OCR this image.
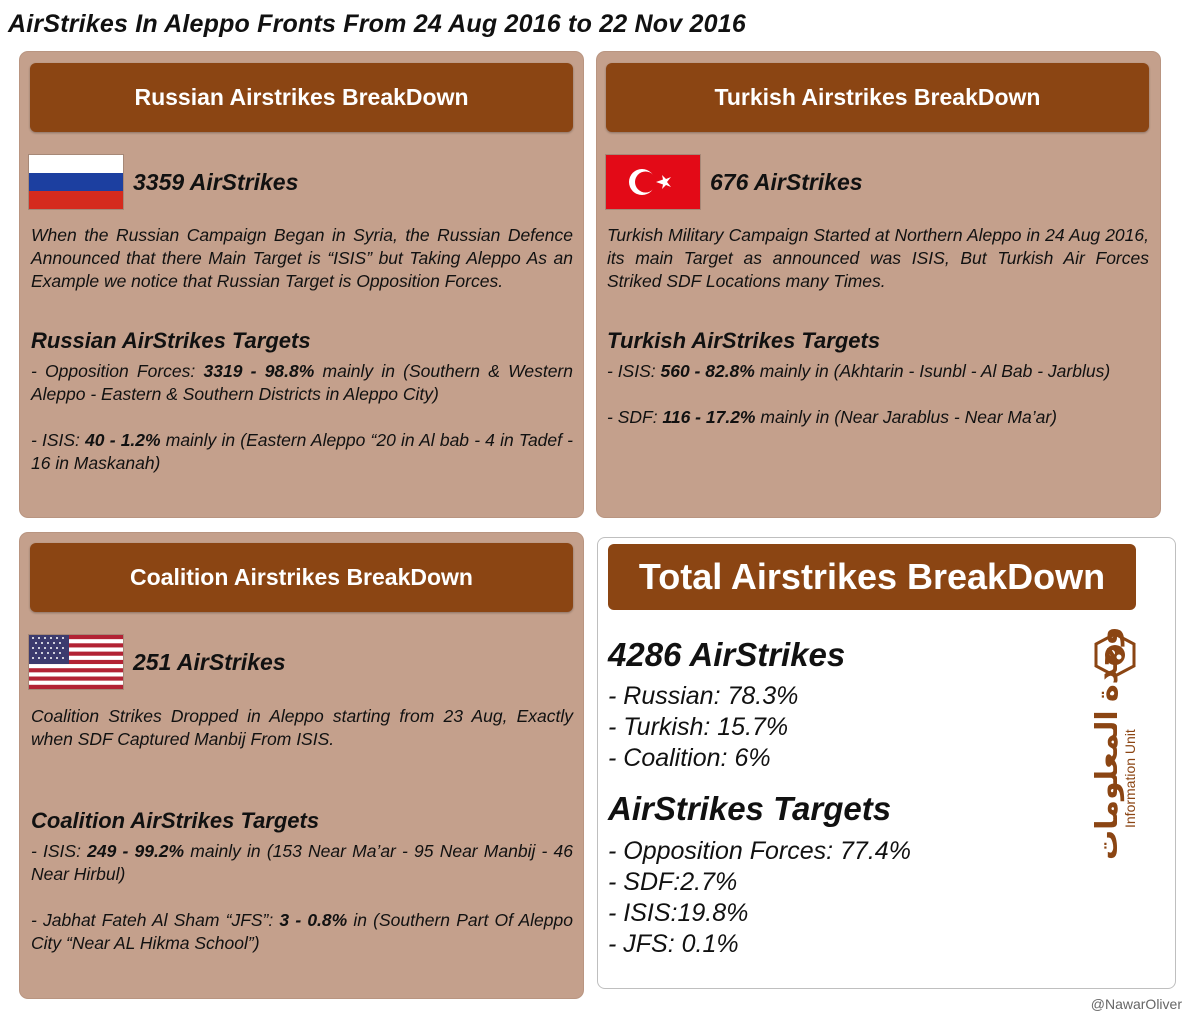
AirStrikes In Aleppo Fronts From 24 Aug 2016 to 22 Nov 2016
Russian Airstrikes BreakDown
3359 AirStrikes
When the Russian Campaign Began in Syria, the Russian Defence Announced that there Main Target is “ISIS” but Taking Aleppo As an Example we notice that Russian Target is Opposition Forces.
Russian AirStrikes Targets
- Opposition Forces: 3319 - 98.8% mainly in (Southern & Western Aleppo - Eastern & Southern Districts in Aleppo City)
- ISIS: 40 - 1.2% mainly in (Eastern Aleppo “20 in Al bab - 4 in Tadef - 16 in Maskanah)
Turkish Airstrikes BreakDown
676 AirStrikes
Turkish Military Campaign Started at Northern Aleppo in 24 Aug 2016, its main Target as announced was ISIS, But Turkish Air Forces Striked SDF Locations many Times.
Turkish AirStrikes Targets
- ISIS: 560 - 82.8% mainly in (Akhtarin - Isunbl - Al Bab - Jarblus)
- SDF: 116 - 17.2% mainly in (Near Jarablus - Near Ma’ar)
Coalition Airstrikes BreakDown
251 AirStrikes
Coalition Strikes Dropped in Aleppo starting from 23 Aug, Exactly when SDF Captured Manbij From ISIS.
Coalition AirStrikes Targets
- ISIS: 249 - 99.2% mainly in (153 Near Ma’ar - 95 Near Manbij - 46 Near Hirbul)
- Jabhat Fateh Al Sham “JFS”: 3 - 0.8% in (Southern Part Of Aleppo City “Near AL Hikma School”)
Total Airstrikes BreakDown
4286 AirStrikes
- Russian: 78.3%
- Turkish: 15.7%
- Coalition: 6%
AirStrikes Targets
- Opposition Forces: 77.4%
- SDF:2.7%
- ISIS:19.8%
- JFS: 0.1%
وحدة المعلومات
Information Unit
@NawarOliver
